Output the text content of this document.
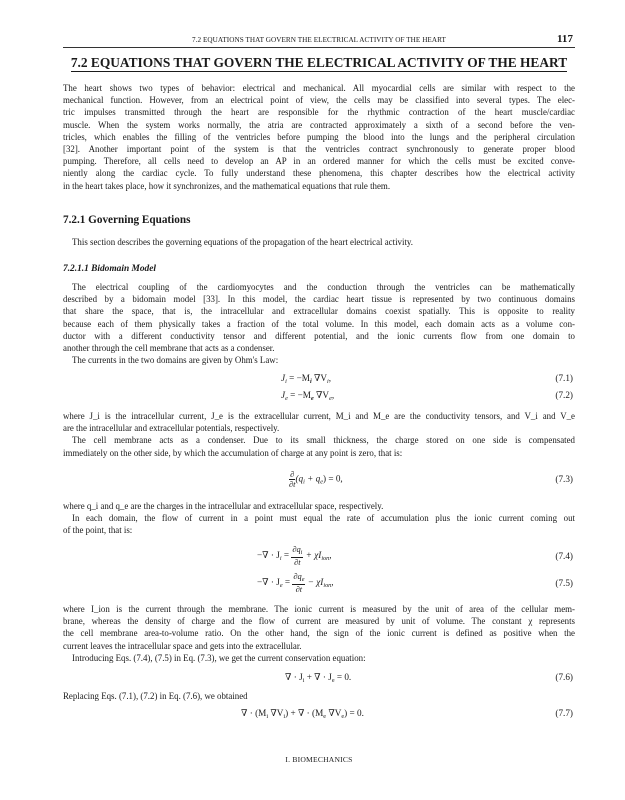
7.2 EQUATIONS THAT GOVERN THE ELECTRICAL ACTIVITY OF THE HEART	117
7.2 EQUATIONS THAT GOVERN THE ELECTRICAL ACTIVITY OF THE HEART
The heart shows two types of behavior: electrical and mechanical. All myocardial cells are similar with respect to the
mechanical function. However, from an electrical point of view, the cells may be classified into several types. The elec-
tric impulses transmitted through the heart are responsible for the rhythmic contraction of the heart muscle/cardiac
muscle. When the system works normally, the atria are contracted approximately a sixth of a second before the ven-
tricles, which enables the filling of the ventricles before pumping the blood into the lungs and the peripheral circulation
[32]. Another important point of the system is that the ventricles contract synchronously to generate proper blood
pumping. Therefore, all cells need to develop an AP in an ordered manner for which the cells must be excited conve-
niently along the cardiac cycle. To fully understand these phenomena, this chapter describes how the electrical activity
in the heart takes place, how it synchronizes, and the mathematical equations that rule them.
7.2.1 Governing Equations
This section describes the governing equations of the propagation of the heart electrical activity.
7.2.1.1 Bidomain Model
The electrical coupling of the cardiomyocytes and the conduction through the ventricles can be mathematically
described by a bidomain model [33]. In this model, the cardiac heart tissue is represented by two continuous domains
that share the space, that is, the intracellular and extracellular domains coexist spatially. This is opposite to reality
because each of them physically takes a fraction of the total volume. In this model, each domain acts as a volume con-
ductor with a different conductivity tensor and different potential, and the ionic currents flow from one domain to
another through the cell membrane that acts as a condenser.
The currents in the two domains are given by Ohm's Law:
$J_i = -M_i$ $\nabla V_i$,	(7.1)
$J_e = -M_e$ $\nabla V_e$,	(7.2)
where J_i is the intracellular current, J_e is the extracellular current, M_i and M_e are the conductivity tensors, and V_i and V_e
are the intracellular and extracellular potentials, respectively.
The cell membrane acts as a condenser. Due to its small thickness, the charge stored on one side is compensated
immediately on the other side, by which the accumulation of charge at any point is zero, that is:
$\frac{\partial}{\partial t} (q_i + q_e) = 0$,	(7.3)
where q_i and q_e are the charges in the intracellular and extracellular space, respectively.
In each domain, the flow of current in a point must equal the rate of accumulation plus the ionic current coming out
of the point, that is:
−∇ · $J_i = \frac{\partial q_i}{\partial t} + \chi I_{ion}$,	(7.4)
−∇ · $J_e = \frac{\partial q_e}{\partial t} - \chi I_{ion}$,	(7.5)
where I_ion is the current through the membrane. The ionic current is measured by the unit of area of the cellular mem-
brane, whereas the density of charge and the flow of current are measured by unit of volume. The constant χ represents
the cell membrane area-to-volume ratio. On the other hand, the sign of the ionic current is defined as positive when the
current leaves the intracellular space and gets into the extracellular.
Introducing Eqs. (7.4), (7.5) in Eq. (7.3), we get the current conservation equation:
∇ · $J_i$ + ∇ · $J_e = 0$.	(7.6)
Replacing Eqs. (7.1), (7.2) in Eq. (7.6), we obtained
∇ · ($M_i$ $\nabla V_i$) + ∇ · ($M_e$ $\nabla V_e) = 0$.	(7.7)
I. BIOMECHANICS
